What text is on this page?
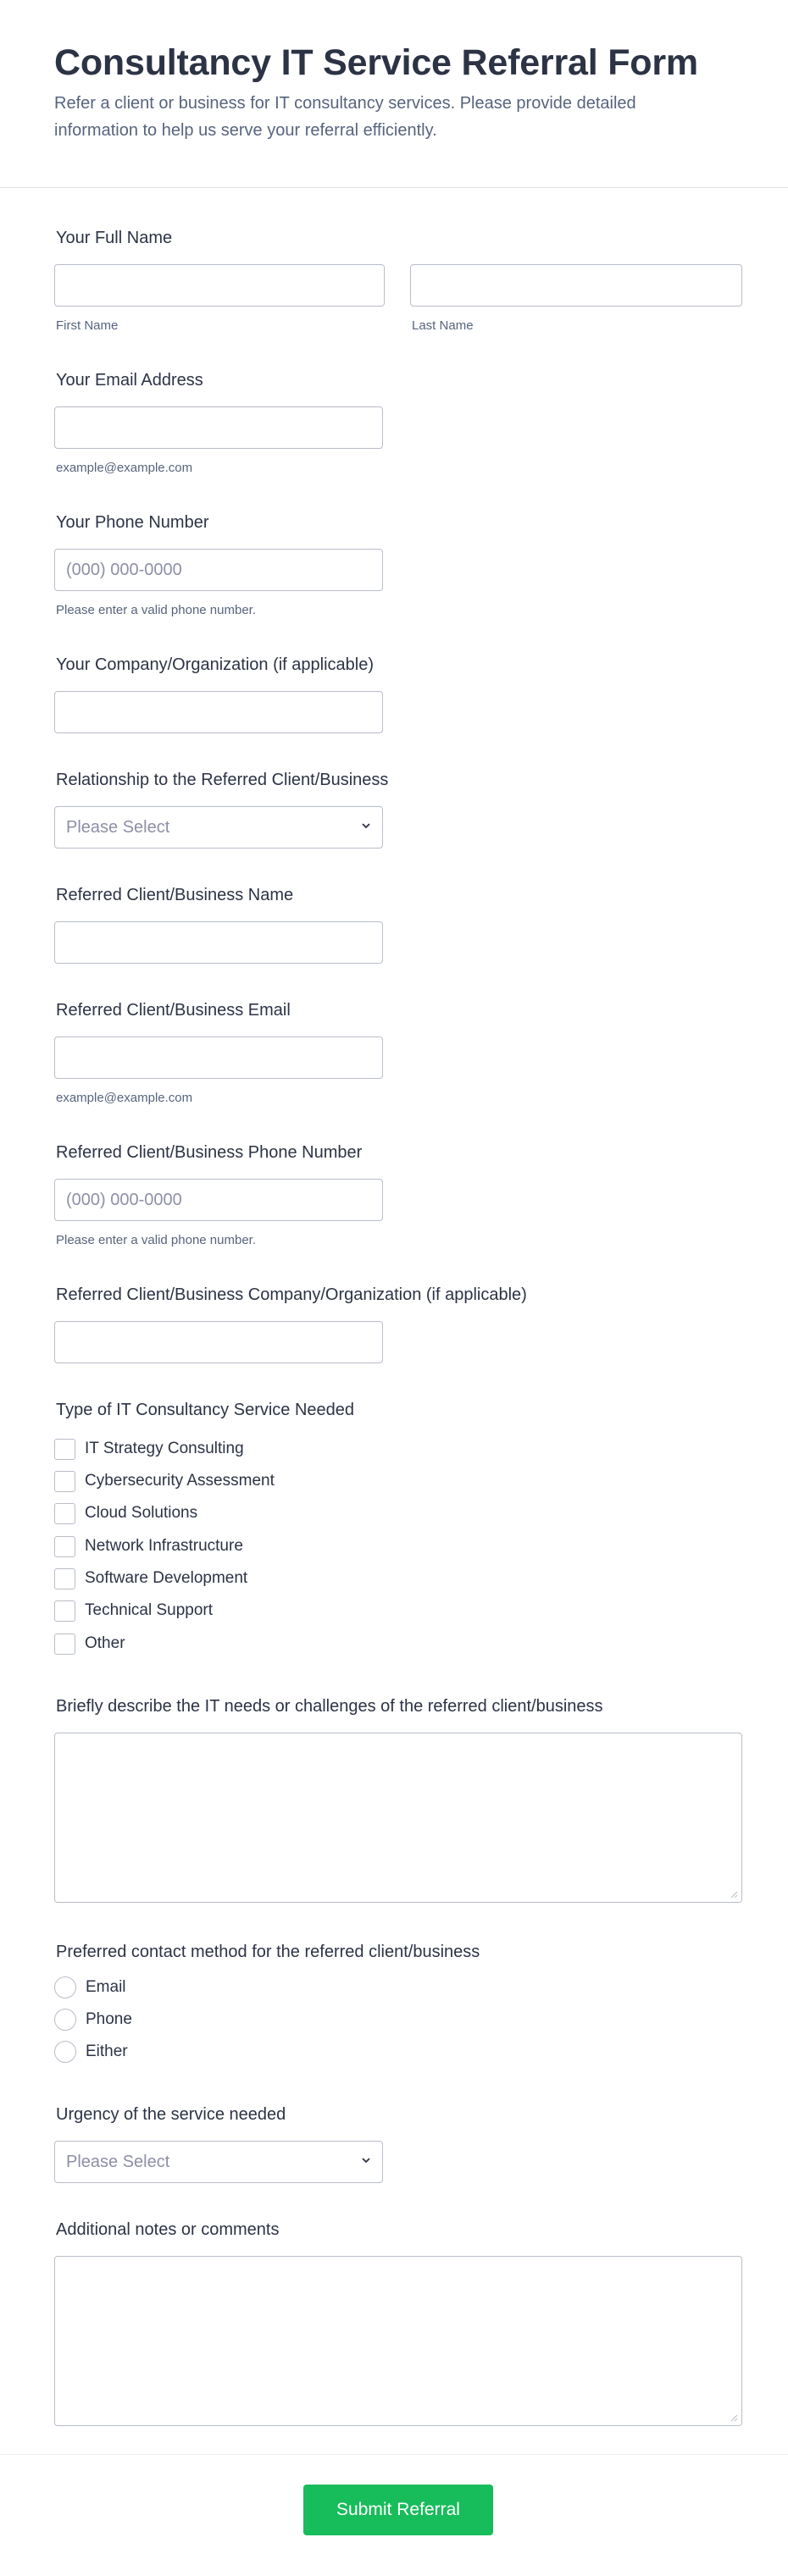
Consultancy IT Service Referral Form

Refer a client or business for IT consultancy services. Please provide detailed information to help us serve your referral efficiently.

Your Full Name
First Name	Last Name
Your Email Address
example@example.com
Your Phone Number
(000) 000-0000
Please enter a valid phone number.
Your Company/Organization (if applicable)
Relationship to the Referred Client/Business
Please Select
Referred Client/Business Name
Referred Client/Business Email
example@example.com
Referred Client/Business Phone Number
(000) 000-0000
Please enter a valid phone number.
Referred Client/Business Company/Organization (if applicable)
Type of IT Consultancy Service Needed
IT Strategy Consulting
Cybersecurity Assessment
Cloud Solutions
Network Infrastructure
Software Development
Technical Support
Other
Briefly describe the IT needs or challenges of the referred client/business
Preferred contact method for the referred client/business
Email
Phone
Either
Urgency of the service needed
Please Select
Additional notes or comments
Submit Referral
